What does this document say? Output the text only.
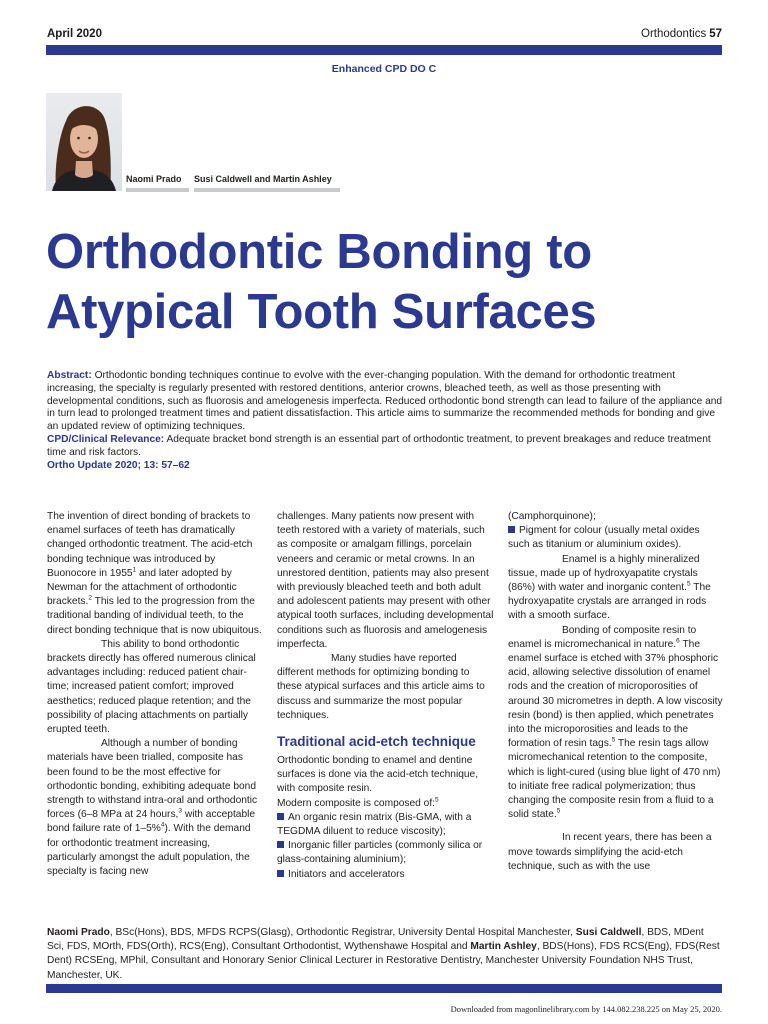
April 2020	Orthodontics 57
Enhanced CPD DO C
Naomi Prado Susi Caldwell and Martin Ashley
Orthodontic Bonding to
Atypical Tooth Surfaces

Abstract: Orthodontic bonding techniques continue to evolve with the ever-changing population. With the demand for orthodontic treatment increasing, the specialty is regularly presented with restored dentitions, anterior crowns, bleached teeth, as well as those presenting with developmental conditions, such as fluorosis and amelogenesis imperfecta. Reduced orthodontic bond strength can lead to failure of the appliance and in turn lead to prolonged treatment times and patient dissatisfaction. This article aims to summarize the recommended methods for bonding and give an updated review of optimizing techniques.

CPD/Clinical Relevance: Adequate bracket bond strength is an essential part of orthodontic treatment, to prevent breakages and reduce treatment time and risk factors.

Ortho Update 2020; 13: 57–62

The invention of direct bonding of brackets to enamel surfaces of teeth has dramatically changed orthodontic treatment. The acid-etch bonding technique was introduced by Buonocore in 1955$^1$ and later adopted by Newman for the attachment of orthodontic brackets.$^2$ This led to the progression from the traditional banding of individual teeth, to the direct bonding technique that is now ubiquitous.

This ability to bond orthodontic brackets directly has offered numerous clinical advantages including: reduced patient chair-time; increased patient comfort; improved aesthetics; reduced plaque retention; and the possibility of placing attachments on partially erupted teeth.

Although a number of bonding materials have been trialled, composite has been found to be the most effective for orthodontic bonding, exhibiting adequate bond strength to withstand intra-oral and orthodontic forces (6–8 MPa at 24 hours,$^3$ with acceptable bond failure rate of 1–5%$^4$). With the demand for orthodontic treatment increasing, particularly amongst the adult population, the specialty is facing new

challenges. Many patients now present with teeth restored with a variety of materials, such as composite or amalgam fillings, porcelain veneers and ceramic or metal crowns. In an unrestored dentition, patients may also present with previously bleached teeth and both adult and adolescent patients may present with other atypical tooth surfaces, including developmental conditions such as fluorosis and amelogenesis imperfecta.

Many studies have reported different methods for optimizing bonding to these atypical surfaces and this article aims to discuss and summarize the most popular techniques.

Traditional acid-etch technique

Orthodontic bonding to enamel and dentine surfaces is done via the acid-etch technique, with composite resin.

Modern composite is composed of:$^5$

An organic resin matrix (Bis-GMA, with a TEGDMA diluent to reduce viscosity);

Inorganic filler particles (commonly silica or glass-containing aluminium);

Initiators and accelerators

(Camphorquinone);

Pigment for colour (usually metal oxides such as titanium or aluminium oxides).

Enamel is a highly mineralized tissue, made up of hydroxyapatite crystals (86%) with water and inorganic content.$^5$ The hydroxyapatite crystals are arranged in rods with a smooth surface.

Bonding of composite resin to enamel is micromechanical in nature.$^6$ The enamel surface is etched with 37% phosphoric acid, allowing selective dissolution of enamel rods and the creation of microporosities of around 30 micrometres in depth. A low viscosity resin (bond) is then applied, which penetrates into the microporosities and leads to the formation of resin tags.$^5$ The resin tags allow micromechanical retention to the composite, which is light-cured (using blue light of 470 nm) to initiate free radical polymerization; thus changing the composite resin from a fluid to a solid state.$^5$

In recent years, there has been a move towards simplifying the acid-etch technique, such as with the use

Naomi Prado, BSc(Hons), BDS, MFDS RCPS(Glasg), Orthodontic Registrar, University Dental Hospital Manchester, Susi Caldwell, BDS, MDent Sci, FDS, MOrth, FDS(Orth), RCS(Eng), Consultant Orthodontist, Wythenshawe Hospital and Martin Ashley, BDS(Hons), FDS RCS(Eng), FDS(Rest Dent) RCSEng, MPhil, Consultant and Honorary Senior Clinical Lecturer in Restorative Dentistry, Manchester University Foundation NHS Trust, Manchester, UK.
Downloaded from magonlinelibrary.com by 144.082.238.225 on May 25, 2020.
